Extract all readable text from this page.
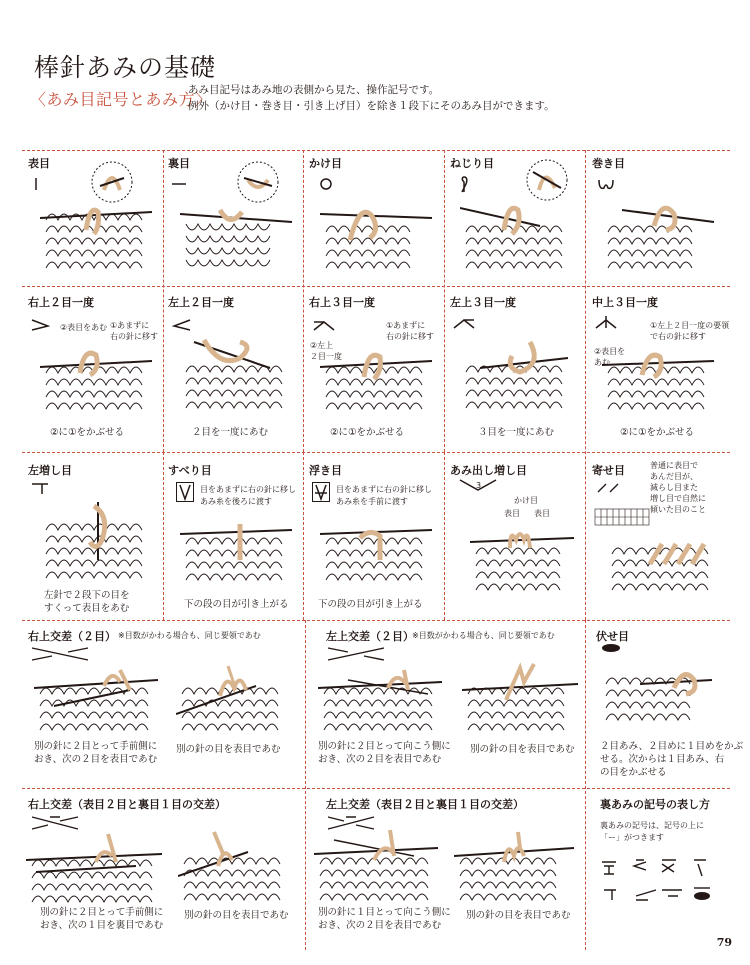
棒針あみの基礎
〈あみ目記号とあみ方〉
あみ目記号はあみ地の表側から見た、操作記号です。
例外（かけ目・巻き目・引き上げ目）を除き１段下にそのあみ目ができます。
表目	裏目	かけ目	ねじり目	巻き目
右上２目一度
②表目をあむ ①あまずに
右の針に移す
左上２目一度	右上３目一度
①あまずに
右の針に移す
②左上
２目一度
左上３目一度	中上３目一度
①左上２目一度の要領
で右の針に移す
②表目を
あむ
②に①をかぶせる	２目を一度にあむ	②に①をかぶせる	３目を一度にあむ	②に①をかぶせる
左増し目	すべり目
目をあまずに右の針に移し
あみ糸を後ろに渡す
浮き目
目をあまずに右の針に移し
あみ糸を手前に渡す
あみ出し増し目
3
かけ目
表目 表目
寄せ目	普通に表目で
あんだ目が、
減らし目また
増し目で自然に
傾いた目のこと
左針で２段下の目を
すくって表目をあむ	下の段の目が引き上がる	下の段の目が引き上がる
右上交差（２目） ※目数がかわる場合も、同じ要領であむ	左上交差（２目）
※目数がかわる場合も、同じ要領であむ	伏せ目
別の針に２目とって手前側に
おき、次の２目を表目であむ
別の針の目を表目であむ	別の針に２目とって向こう側に
おき、次の２目を表目であむ
別の針の目を表目であむ	２目あみ、２目めに１目めをかぶ
せる。次からは１目あみ、右
の目をかぶせる
右上交差（表目２目と裏目１目の交差）	左上交差（表目２目と裏目１目の交差）	裏あみの記号の表し方
裏あみの記号は、記号の上に
「ー」がつきます
別の針に２目とって手前側に
おき、次の１目を裏目であむ
別の針の目を表目であむ	別の針に１目とって向こう側に
おき、次の２目を表目であむ
別の針の目を表目であむ
79
